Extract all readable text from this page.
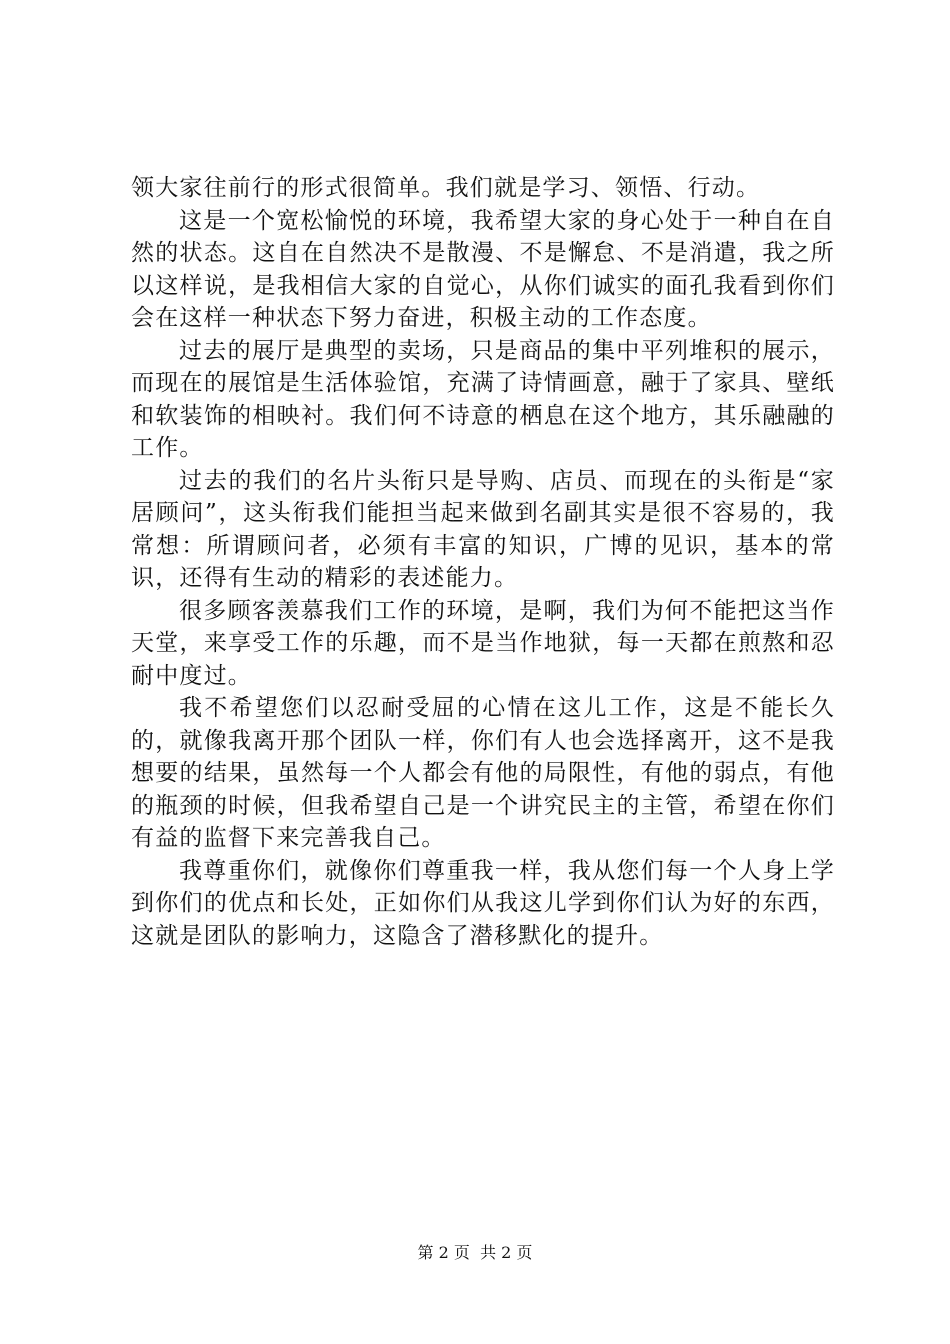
领大家往前行的形式很简单。我们就是学习、领悟、行动。

这是一个宽松愉悦的环境，我希望大家的身心处于一种自在自然的状态。这自在自然决不是散漫、不是懈怠、不是消遣，我之所以这样说，是我相信大家的自觉心，从你们诚实的面孔我看到你们会在这样一种状态下努力奋进，积极主动的工作态度。

过去的展厅是典型的卖场，只是商品的集中平列堆积的展示，而现在的展馆是生活体验馆，充满了诗情画意，融于了家具、壁纸和软装饰的相映衬。我们何不诗意的栖息在这个地方，其乐融融的工作。

过去的我们的名片头衔只是导购、店员、而现在的头衔是“家居顾问”，这头衔我们能担当起来做到名副其实是很不容易的，我常想：所谓顾问者，必须有丰富的知识，广博的见识，基本的常识，还得有生动的精彩的表述能力。

很多顾客羡慕我们工作的环境，是啊，我们为何不能把这当作天堂，来享受工作的乐趣，而不是当作地狱，每一天都在煎熬和忍耐中度过。

我不希望您们以忍耐受屈的心情在这儿工作，这是不能长久的，就像我离开那个团队一样，你们有人也会选择离开，这不是我想要的结果，虽然每一个人都会有他的局限性，有他的弱点，有他的瓶颈的时候，但我希望自己是一个讲究民主的主管，希望在你们有益的监督下来完善我自己。

我尊重你们，就像你们尊重我一样，我从您们每一个人身上学到你们的优点和长处，正如你们从我这儿学到你们认为好的东西，这就是团队的影响力，这隐含了潜移默化的提升。

第 2 页  共 2 页
